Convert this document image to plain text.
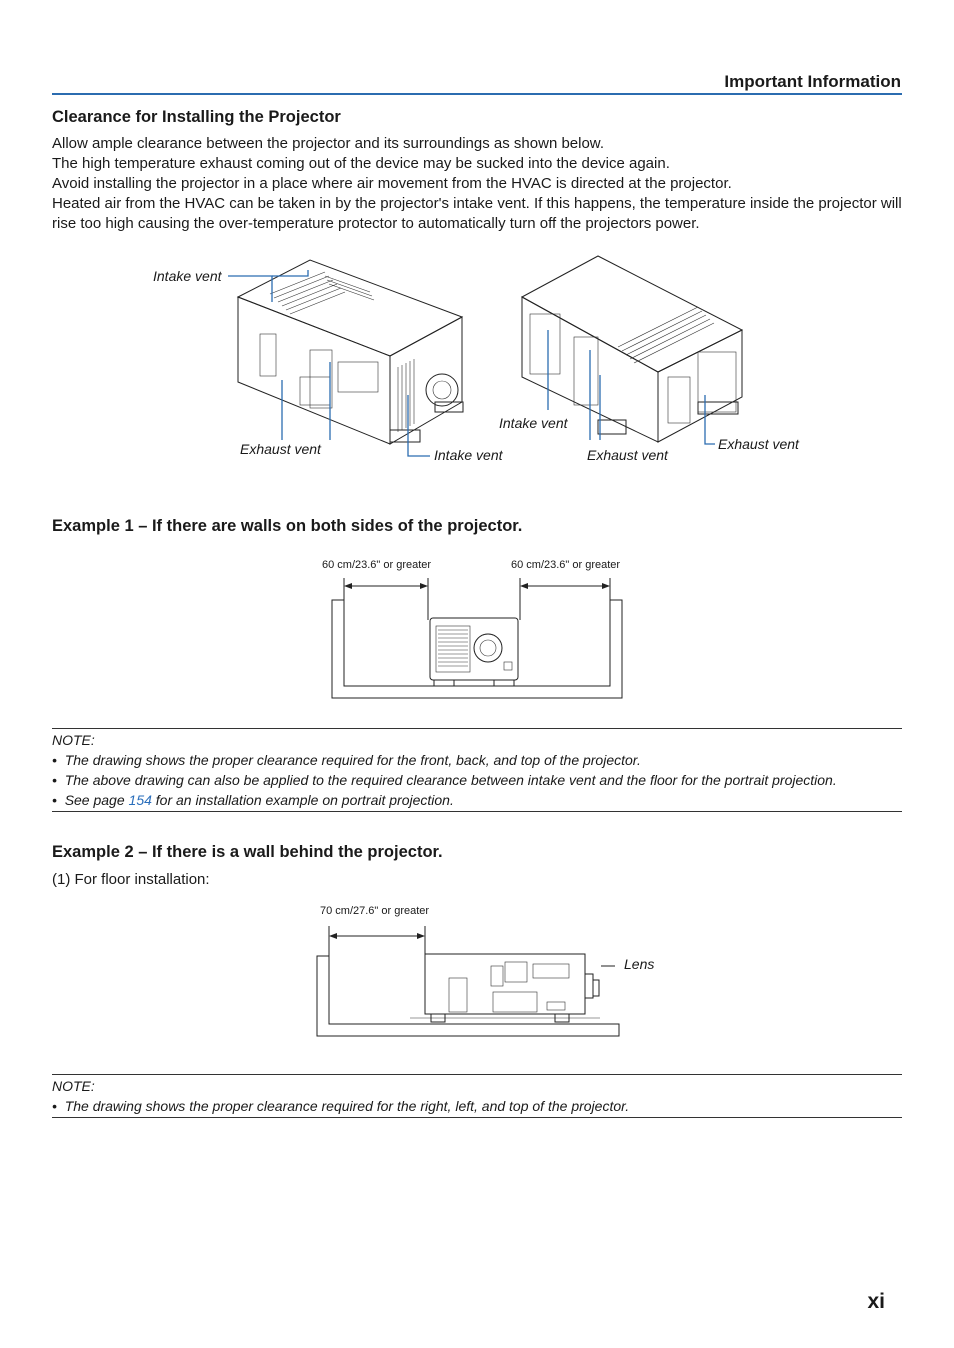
Important Information
Clearance for Installing the Projector

Allow ample clearance between the projector and its surroundings as shown below.

The high temperature exhaust coming out of the device may be sucked into the device again.

Avoid installing the projector in a place where air movement from the HVAC is directed at the projector.

Heated air from the HVAC can be taken in by the projector's intake vent. If this happens, the temperature inside the projector will rise too high causing the over-temperature protector to automatically turn off the projectors power.

Intake vent
Exhaust vent	Intake vent
Intake vent
Exhaust vent
Exhaust vent
Example 1 – If there are walls on both sides of the projector.
60 cm/23.6" or greater	60 cm/23.6" or greater
NOTE:
•  The drawing shows the proper clearance required for the front, back, and top of the projector.
•  The above drawing can also be applied to the required clearance between intake vent and the floor for the portrait projection.
•  See page 154 for an installation example on portrait projection.
Example 2 – If there is a wall behind the projector.
(1) For floor installation:
70 cm/27.6" or greater
Lens
NOTE:
•  The drawing shows the proper clearance required for the right, left, and top of the projector.
xi
